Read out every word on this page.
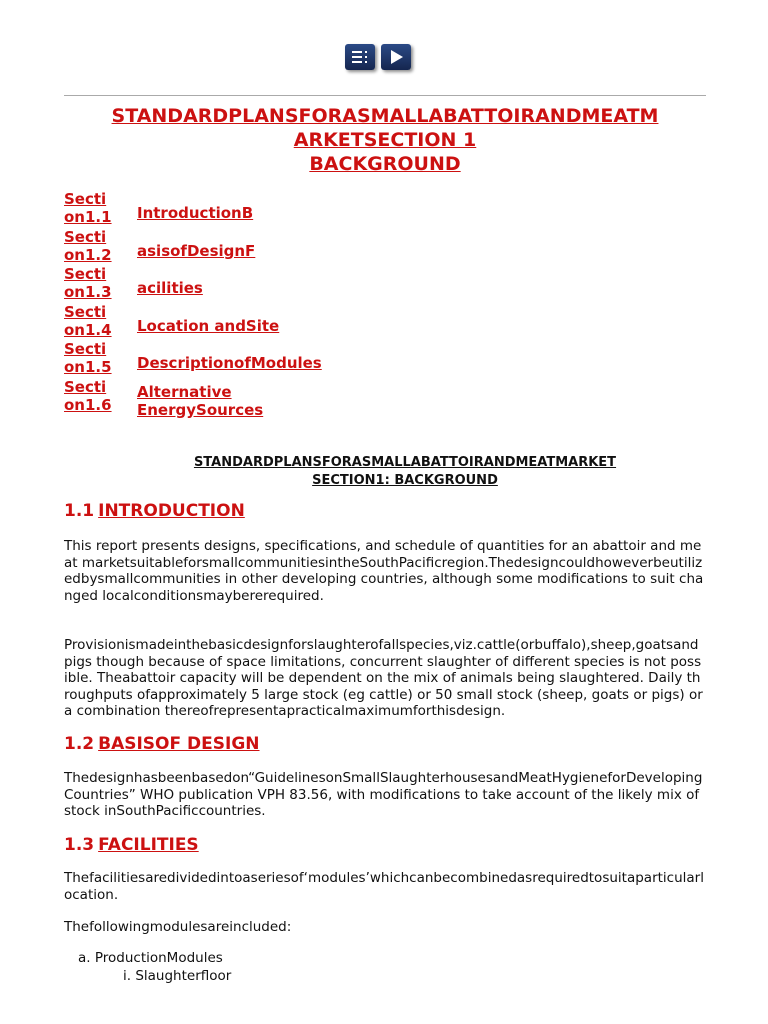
STANDARDPLANSFORASMALLABATTOIRANDMEATM
ARKETSECTION 1
BACKGROUND
Section1.1 IntroductionB
Section1.2 asisofDesignF
Section1.3 acilities
Section1.4 Location andSite
Section1.5 DescriptionofModules
Section1.6
Alternative EnergySources
STANDARDPLANSFORASMALLABATTOIRANDMEATMARKET
SECTION1: BACKGROUND
1.1 INTRODUCTION
This report presents designs, specifications, and schedule of quantities for an abattoir and meat marketsuitableforsmallcommunitiesintheSouthPacificregion.Thedesigncouldhoweverbeutilizedbysmallcommunities in other developing countries, although some modifications to suit changed localconditionsmaybererequired.
Provisionismadeinthebasicdesignforslaughterofallspecies,viz.cattle(orbuffalo),sheep,goatsandpigs though because of space limitations, concurrent slaughter of different species is not possible. Theabattoir capacity will be dependent on the mix of animals being slaughtered. Daily throughputs ofapproximately 5 large stock (eg cattle) or 50 small stock (sheep, goats or pigs) or a combination thereofrepresentapracticalmaximumforthisdesign.
1.2 BASISOF DESIGN
Thedesignhasbeenbasedon“GuidelinesonSmallSlaughterhousesandMeatHygieneforDevelopingCountries” WHO publication VPH 83.56, with modifications to take account of the likely mix of stock inSouthPacificcountries.
1.3 FACILITIES
Thefacilitiesaredividedintoaseriesof‘modules’whichcanbecombinedasrequiredtosuitaparticularlocation.
Thefollowingmodulesareincluded:
a. ProductionModules
i. Slaughterfloor
